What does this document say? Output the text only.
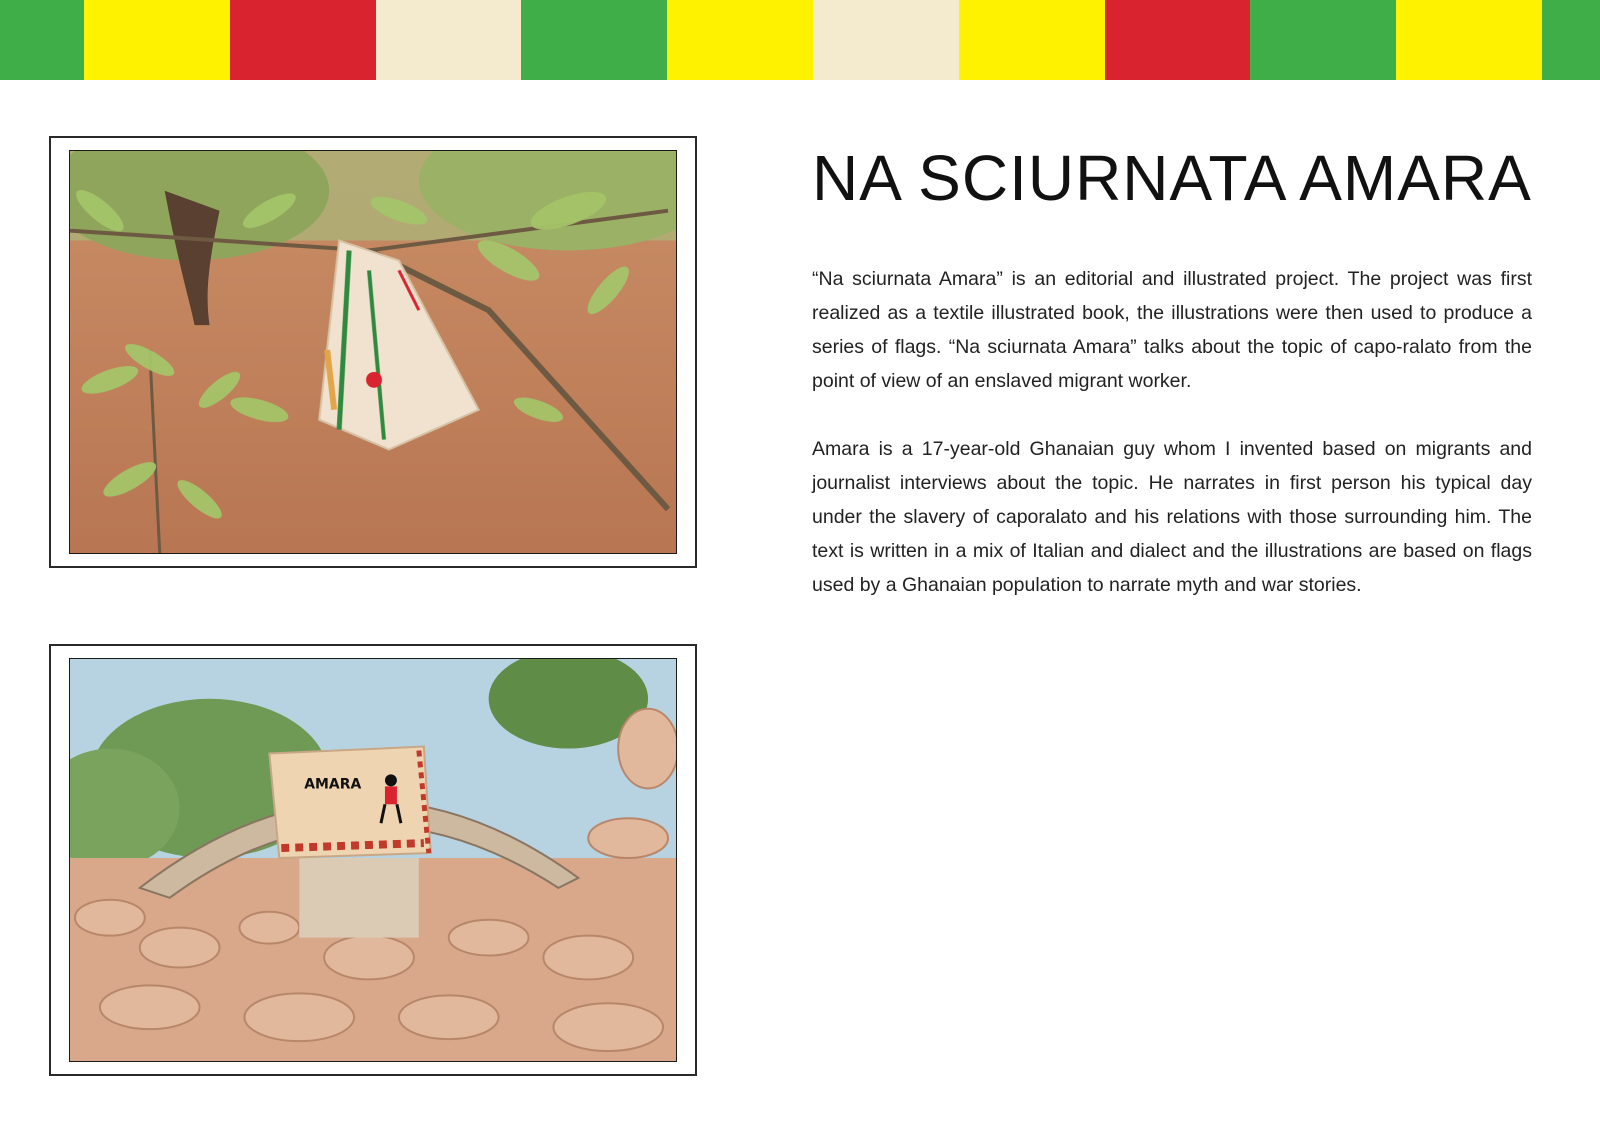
AMARA
NA SCIURNATA AMARA

“Na sciurnata Amara” is an editorial and illustrated project. The project was first realized as a textile illustrated book, the illustrations were then used to produce a series of flags. “Na sciurnata Amara” talks about the topic of capo-ralato from the point of view of an enslaved migrant worker.

Amara is a 17-year-old Ghanaian guy whom I invented based on migrants and journalist interviews about the topic. He narrates in first person his typical day under the slavery of caporalato and his relations with those surrounding him. The text is written in a mix of Italian and dialect and the illustrations are based on flags used by a Ghanaian population to narrate myth and war stories.
